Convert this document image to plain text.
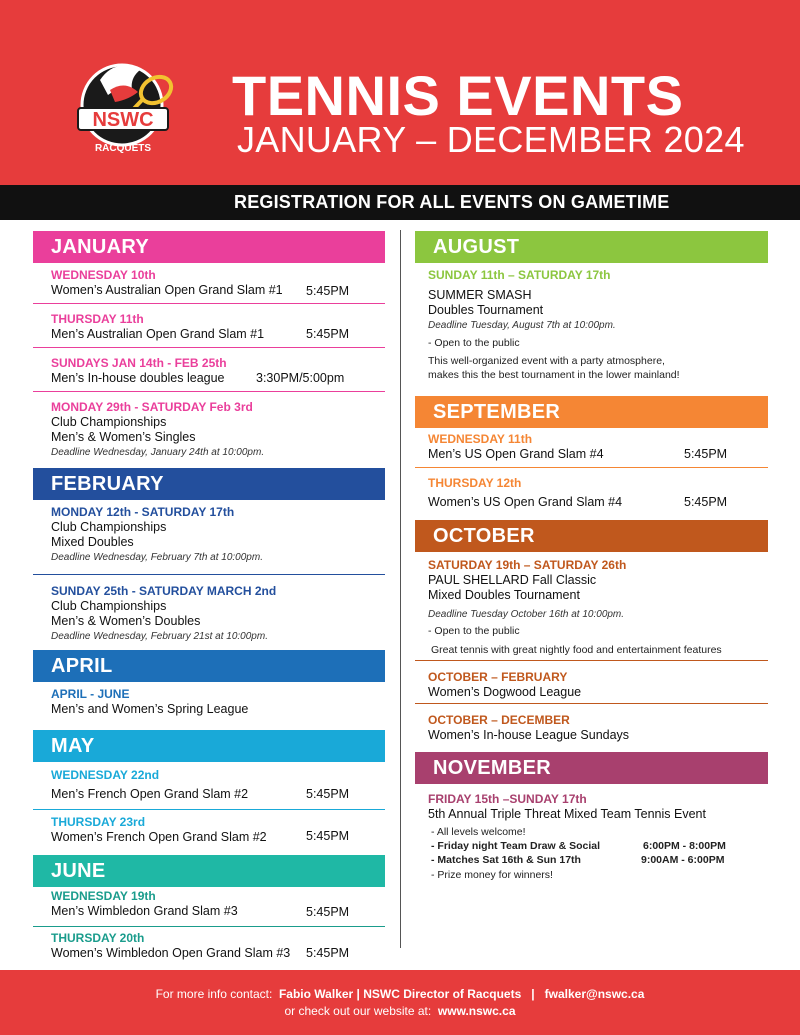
NSWC
RACQUETS
TENNIS EVENTS
JANUARY – DECEMBER 2024
REGISTRATION FOR ALL EVENTS ON GAMETIME
JANUARY
WEDNESDAY 10th
Women’s Australian Open Grand Slam #1 5:45PM
THURSDAY 11th
Men’s Australian Open Grand Slam #1	5:45PM
SUNDAYS JAN 14th - FEB 25th
Men’s In-house doubles league	3:30PM/5:00pm
MONDAY 29th - SATURDAY Feb 3rd
Club Championships
Men’s & Women’s Singles
Deadline Wednesday, January 24th at 10:00pm.
FEBRUARY
MONDAY 12th - SATURDAY 17th
Club Championships
Mixed Doubles
Deadline Wednesday, February 7th at 10:00pm.
SUNDAY 25th - SATURDAY MARCH 2nd
Club Championships
Men’s & Women’s Doubles
Deadline Wednesday, February 21st at 10:00pm.
APRIL
APRIL - JUNE
Men’s and Women’s Spring League
MAY
WEDNESDAY 22nd
Men’s French Open Grand Slam #2	5:45PM
THURSDAY 23rd
Women’s French Open Grand Slam #2	5:45PM
JUNE
WEDNESDAY 19th
Men’s Wimbledon Grand Slam #3	5:45PM
THURSDAY 20th
Women’s Wimbledon Open Grand Slam #3 5:45PM
AUGUST
SUNDAY 11th – SATURDAY 17th
SUMMER SMASH
Doubles Tournament
Deadline Tuesday, August 7th at 10:00pm.
- Open to the public
This well-organized event with a party atmosphere,
makes this the best tournament in the lower mainland!
SEPTEMBER
WEDNESDAY 11th
Men’s US Open Grand Slam #4	5:45PM
THURSDAY 12th
Women’s US Open Grand Slam #4	5:45PM
OCTOBER
SATURDAY 19th – SATURDAY 26th
PAUL SHELLARD Fall Classic
Mixed Doubles Tournament
Deadline Tuesday October 16th at 10:00pm.
- Open to the public
Great tennis with great nightly food and entertainment features
OCTOBER – FEBRUARY
Women’s Dogwood League
OCTOBER – DECEMBER
Women’s In-house League Sundays
NOVEMBER
FRIDAY 15th –SUNDAY 17th
5th Annual Triple Threat Mixed Team Tennis Event
- All levels welcome!
- Friday night Team Draw & Social	6:00PM - 8:00PM
- Matches Sat 16th & Sun 17th	9:00AM - 6:00PM
- Prize money for winners!
For more info contact: Fabio Walker | NSWC Director of Racquets | fwalker@nswc.ca
or check out our website at: www.nswc.ca
